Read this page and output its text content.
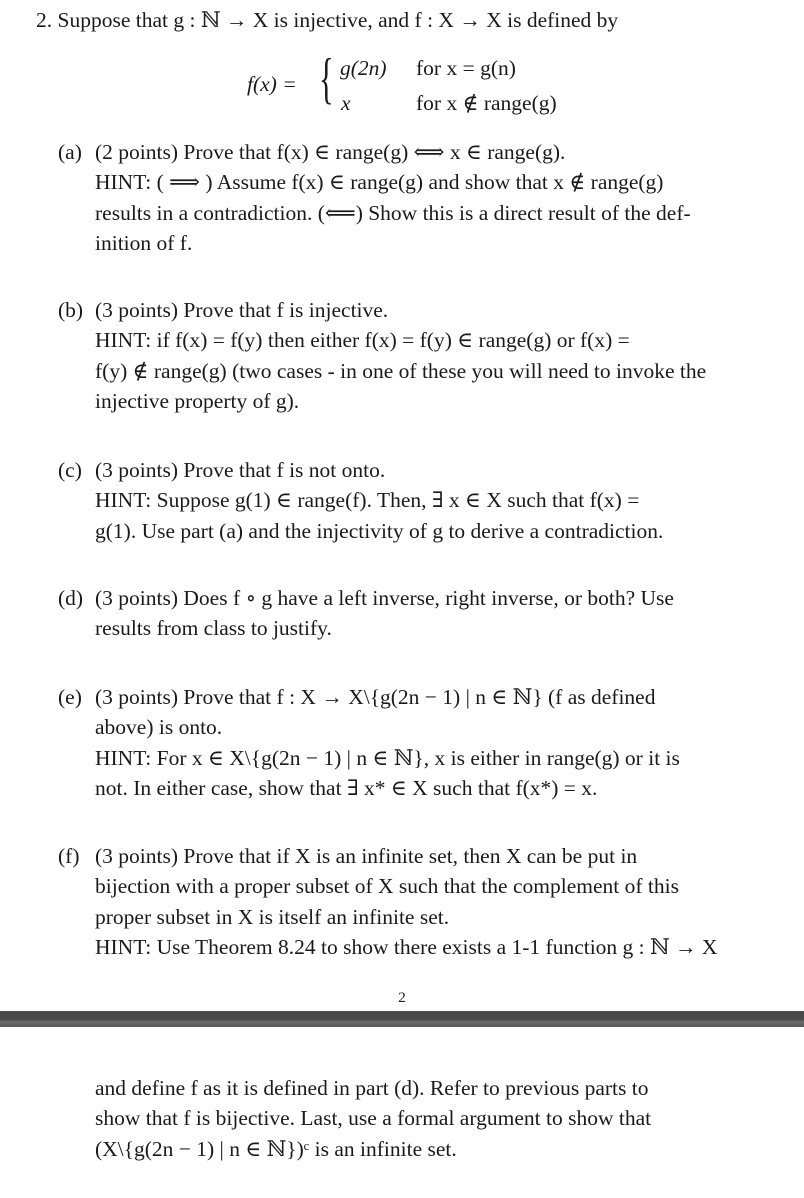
2. Suppose that g : ℕ → X is injective, and f : X → X is defined by
f(x) = { g(2n) for x = g(n)
x	for x ∉ range(g)
(a) (2 points) Prove that f(x) ∈ range(g) ⟺ x ∈ range(g).
HINT: ( ⟹ ) Assume f(x) ∈ range(g) and show that x ∉ range(g)
results in a contradiction. (⟸) Show this is a direct result of the def-
inition of f.
(b) (3 points) Prove that f is injective.
HINT: if f(x) = f(y) then either f(x) = f(y) ∈ range(g) or f(x) =
f(y) ∉ range(g) (two cases - in one of these you will need to invoke the
injective property of g).
(c) (3 points) Prove that f is not onto.
HINT: Suppose g(1) ∈ range(f). Then, ∃ x ∈ X such that f(x) =
g(1). Use part (a) and the injectivity of g to derive a contradiction.
(d) (3 points) Does f ∘ g have a left inverse, right inverse, or both? Use
results from class to justify.
(e) (3 points) Prove that f : X → X\{g(2n − 1) | n ∈ ℕ} (f as defined
above) is onto.
HINT: For x ∈ X\{g(2n − 1) | n ∈ ℕ}, x is either in range(g) or it is
not. In either case, show that ∃ x* ∈ X such that f(x*) = x.
(f) (3 points) Prove that if X is an infinite set, then X can be put in
bijection with a proper subset of X such that the complement of this
proper subset in X is itself an infinite set.
HINT: Use Theorem 8.24 to show there exists a 1-1 function g : ℕ → X
2
and define f as it is defined in part (d). Refer to previous parts to
show that f is bijective. Last, use a formal argument to show that
(X\{g(2n − 1) | n ∈ ℕ})ᶜ is an infinite set.
